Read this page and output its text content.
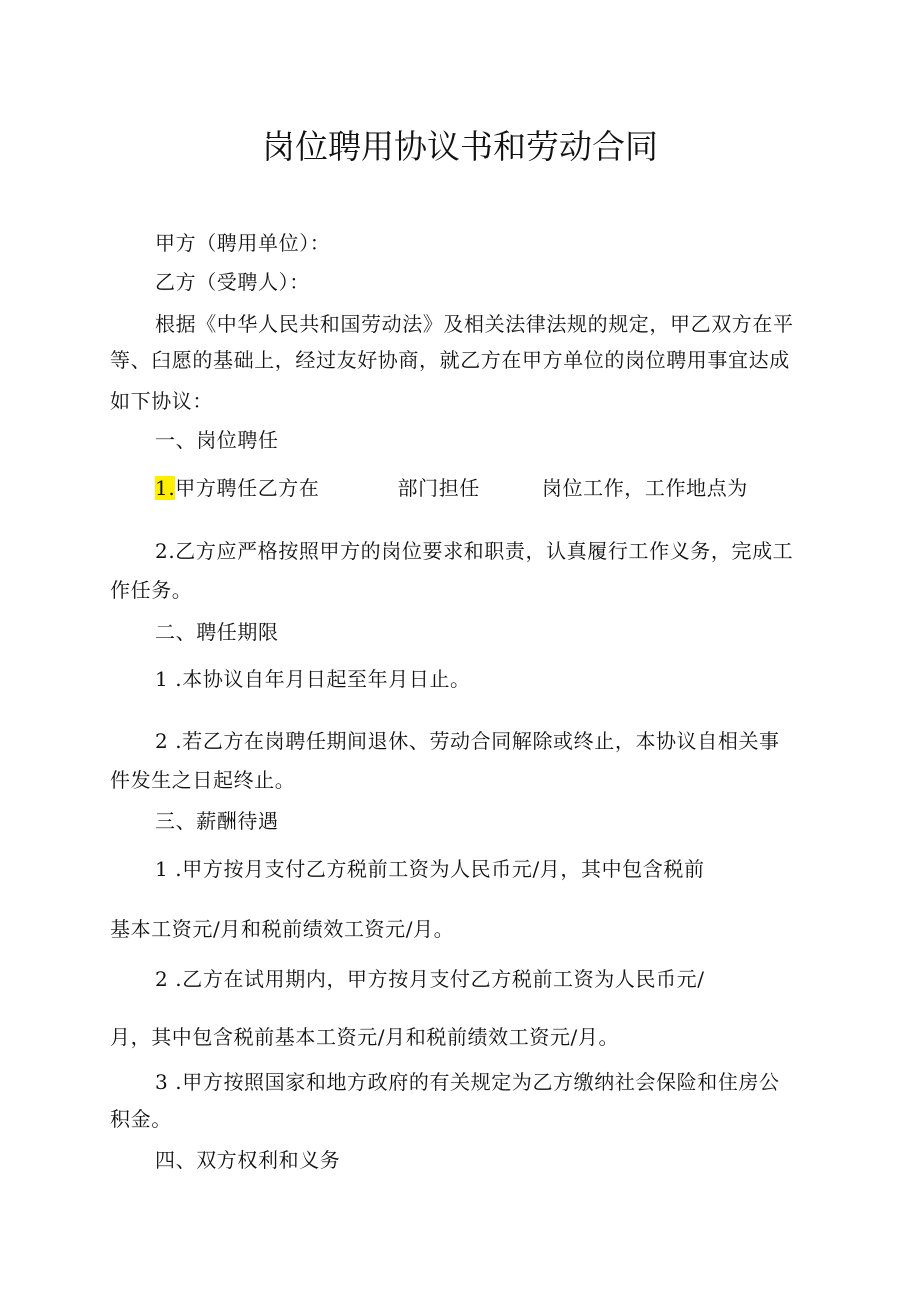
岗位聘用协议书和劳动合同
甲方（聘用单位）：
乙方（受聘人）：
根据《中华人民共和国劳动法》及相关法律法规的规定，甲乙双方在平
等、臼愿的基础上，经过友好协商，就乙方在甲方单位的岗位聘用事宜达成
如下协议：
一、岗位聘任
1.甲方聘任乙方在	部门担任	岗位工作，工作地点为
2.乙方应严格按照甲方的岗位要求和职责，认真履行工作义务，完成工
作任务。
二、聘任期限
1 .本协议自年月日起至年月日止。
2 .若乙方在岗聘任期间退休、劳动合同解除或终止，本协议自相关事
件发生之日起终止。
三、薪酬待遇
1 .甲方按月支付乙方税前工资为人民币元/月，其中包含税前
基本工资元/月和税前绩效工资元/月。
2 .乙方在试用期内，甲方按月支付乙方税前工资为人民币元/
月，其中包含税前基本工资元/月和税前绩效工资元/月。
3 .甲方按照国家和地方政府的有关规定为乙方缴纳社会保险和住房公
积金。
四、双方权利和义务
